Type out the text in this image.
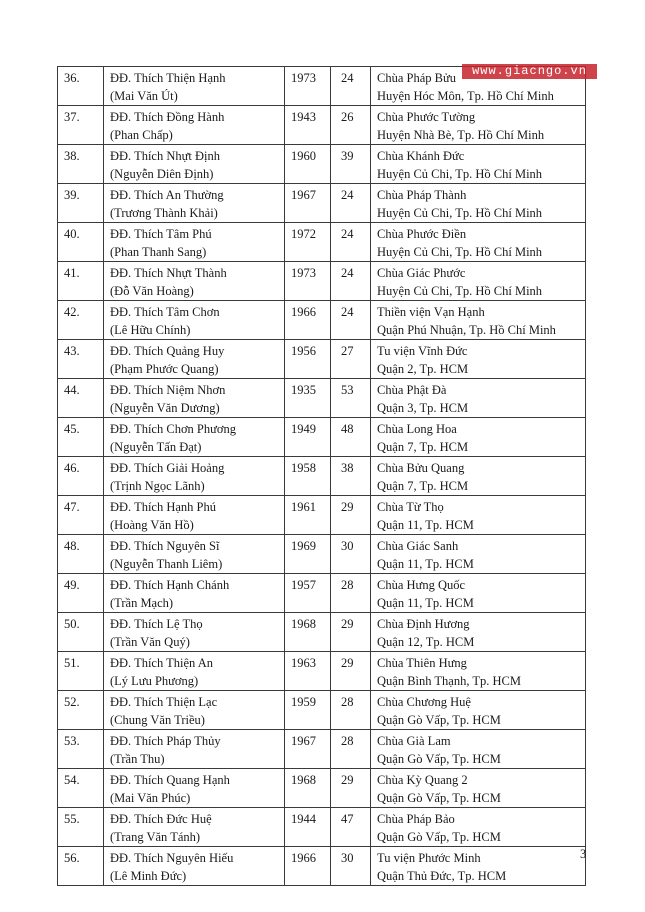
www.giacngo.vn
36.	ĐĐ. Thích Thiện Hạnh
(Mai Văn Út)	1973	24	Chùa Pháp Bửu
Huyện Hóc Môn, Tp. Hồ Chí Minh

37.	ĐĐ. Thích Đồng Hành
(Phan Chấp)	1943	26	Chùa Phước Tường
Huyện Nhà Bè, Tp. Hồ Chí Minh

38.	ĐĐ. Thích Nhựt Định
(Nguyễn Diên Định)	1960	39	Chùa Khánh Đức
Huyện Củ Chi, Tp. Hồ Chí Minh

39.	ĐĐ. Thích An Thường
(Trương Thành Khải)	1967	24	Chùa Pháp Thành
Huyện Củ Chi, Tp. Hồ Chí Minh

40.	ĐĐ. Thích Tâm Phú
(Phan Thanh Sang)	1972	24	Chùa Phước Điền
Huyện Củ Chi, Tp. Hồ Chí Minh

41.	ĐĐ. Thích Nhựt Thành
(Đỗ Văn Hoàng)	1973	24	Chùa Giác Phước
Huyện Củ Chi, Tp. Hồ Chí Minh

42.	ĐĐ. Thích Tâm Chơn
(Lê Hữu Chính)	1966	24	Thiền viện Vạn Hạnh
Quận Phú Nhuận, Tp. Hồ Chí Minh

43.	ĐĐ. Thích Quảng Huy
(Phạm Phước Quang)	1956	27	Tu viện Vĩnh Đức
Quận 2, Tp. HCM

44.	ĐĐ. Thích Niệm Nhơn
(Nguyễn Văn Dương)	1935	53	Chùa Phật Đà
Quận 3, Tp. HCM

45.	ĐĐ. Thích Chơn Phương
(Nguyễn Tấn Đạt)	1949	48	Chùa Long Hoa
Quận 7, Tp. HCM

46.	ĐĐ. Thích Giải Hoảng
(Trịnh Ngọc Lãnh)	1958	38	Chùa Bửu Quang
Quận 7, Tp. HCM

47.	ĐĐ. Thích Hạnh Phú
(Hoàng Văn Hồ)	1961	29	Chùa Từ Thọ
Quận 11, Tp. HCM

48.	ĐĐ. Thích Nguyên Sĩ
(Nguyễn Thanh Liêm)	1969	30	Chùa Giác Sanh
Quận 11, Tp. HCM

49.	ĐĐ. Thích Hạnh Chánh
(Trần Mạch)	1957	28	Chùa Hưng Quốc
Quận 11, Tp. HCM

50.	ĐĐ. Thích Lệ Thọ
(Trần Văn Quý)	1968	29	Chùa Định Hương
Quận 12, Tp. HCM

51.	ĐĐ. Thích Thiện An
(Lý Lưu Phương)	1963	29	Chùa Thiên Hưng
Quận Bình Thạnh, Tp. HCM

52.	ĐĐ. Thích Thiện Lạc
(Chung Văn Triều)	1959	28	Chùa Chương Huệ
Quận Gò Vấp, Tp. HCM

53.	ĐĐ. Thích Pháp Thủy
(Trần Thu)	1967	28	Chùa Già Lam
Quận Gò Vấp, Tp. HCM

54.	ĐĐ. Thích Quang Hạnh
(Mai Văn Phúc)	1968	29	Chùa Kỳ Quang 2
Quận Gò Vấp, Tp. HCM

55.	ĐĐ. Thích Đức Huệ
(Trang Văn Tánh)	1944	47	Chùa Pháp Bảo
Quận Gò Vấp, Tp. HCM

56.	ĐĐ. Thích Nguyên Hiếu
(Lê Minh Đức)	1966	30	Tu viện Phước Minh
Quận Thủ Đức, Tp. HCM
3
